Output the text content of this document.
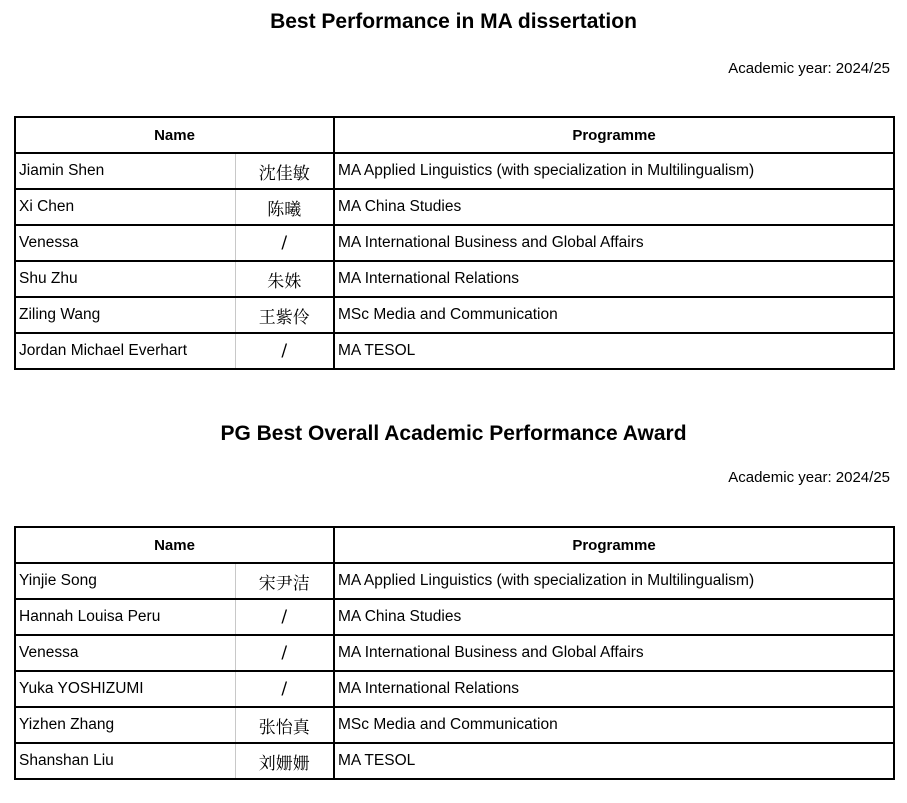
Best Performance in MA dissertation
Academic year: 2024/25
Name		Programme
Jiamin Shen	沈佳敏	MA Applied Linguistics (with specialization in Multilingualism)
Xi Chen	陈曦	MA China Studies
Venessa	/	MA International Business and Global Affairs
Shu Zhu	朱姝	MA International Relations
Ziling Wang	王紫伶	MSc Media and Communication
Jordan Michael Everhart	/	MA TESOL
PG Best Overall Academic Performance Award
Academic year: 2024/25
Name		Programme
Yinjie Song	宋尹洁	MA Applied Linguistics (with specialization in Multilingualism)
Hannah Louisa Peru	/	MA China Studies
Venessa	/	MA International Business and Global Affairs
Yuka YOSHIZUMI	/	MA International Relations
Yizhen Zhang	张怡真	MSc Media and Communication
Shanshan Liu	刘姗姗	MA TESOL
